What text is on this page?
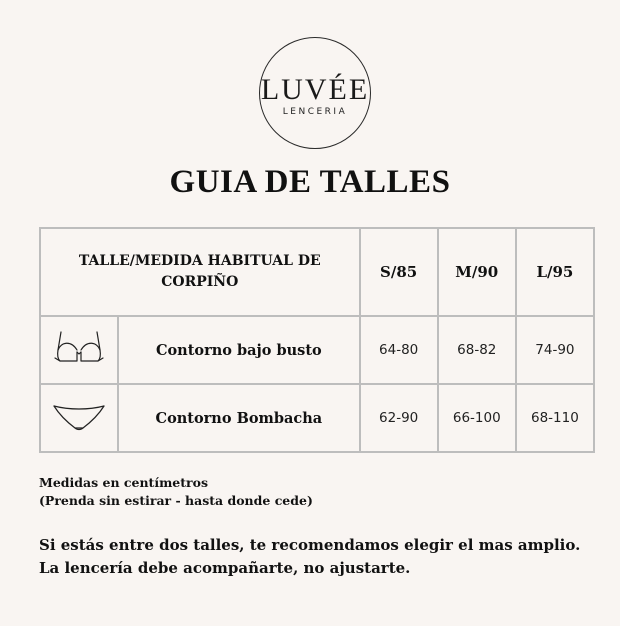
LUVÉE
LENCERIA
GUIA DE TALLES
TALLE/MEDIDA HABITUAL DE CORPIÑO		S/85	M/90	L/95
	Contorno bajo busto	64-80	68-82	74-90
	Contorno Bombacha	62-90	66-100	68-110
Medidas en centímetros
(Prenda sin estirar - hasta donde cede)
Si estás entre dos talles, te recomendamos elegir el mas amplio.
La lencería debe acompañarte, no ajustarte.
